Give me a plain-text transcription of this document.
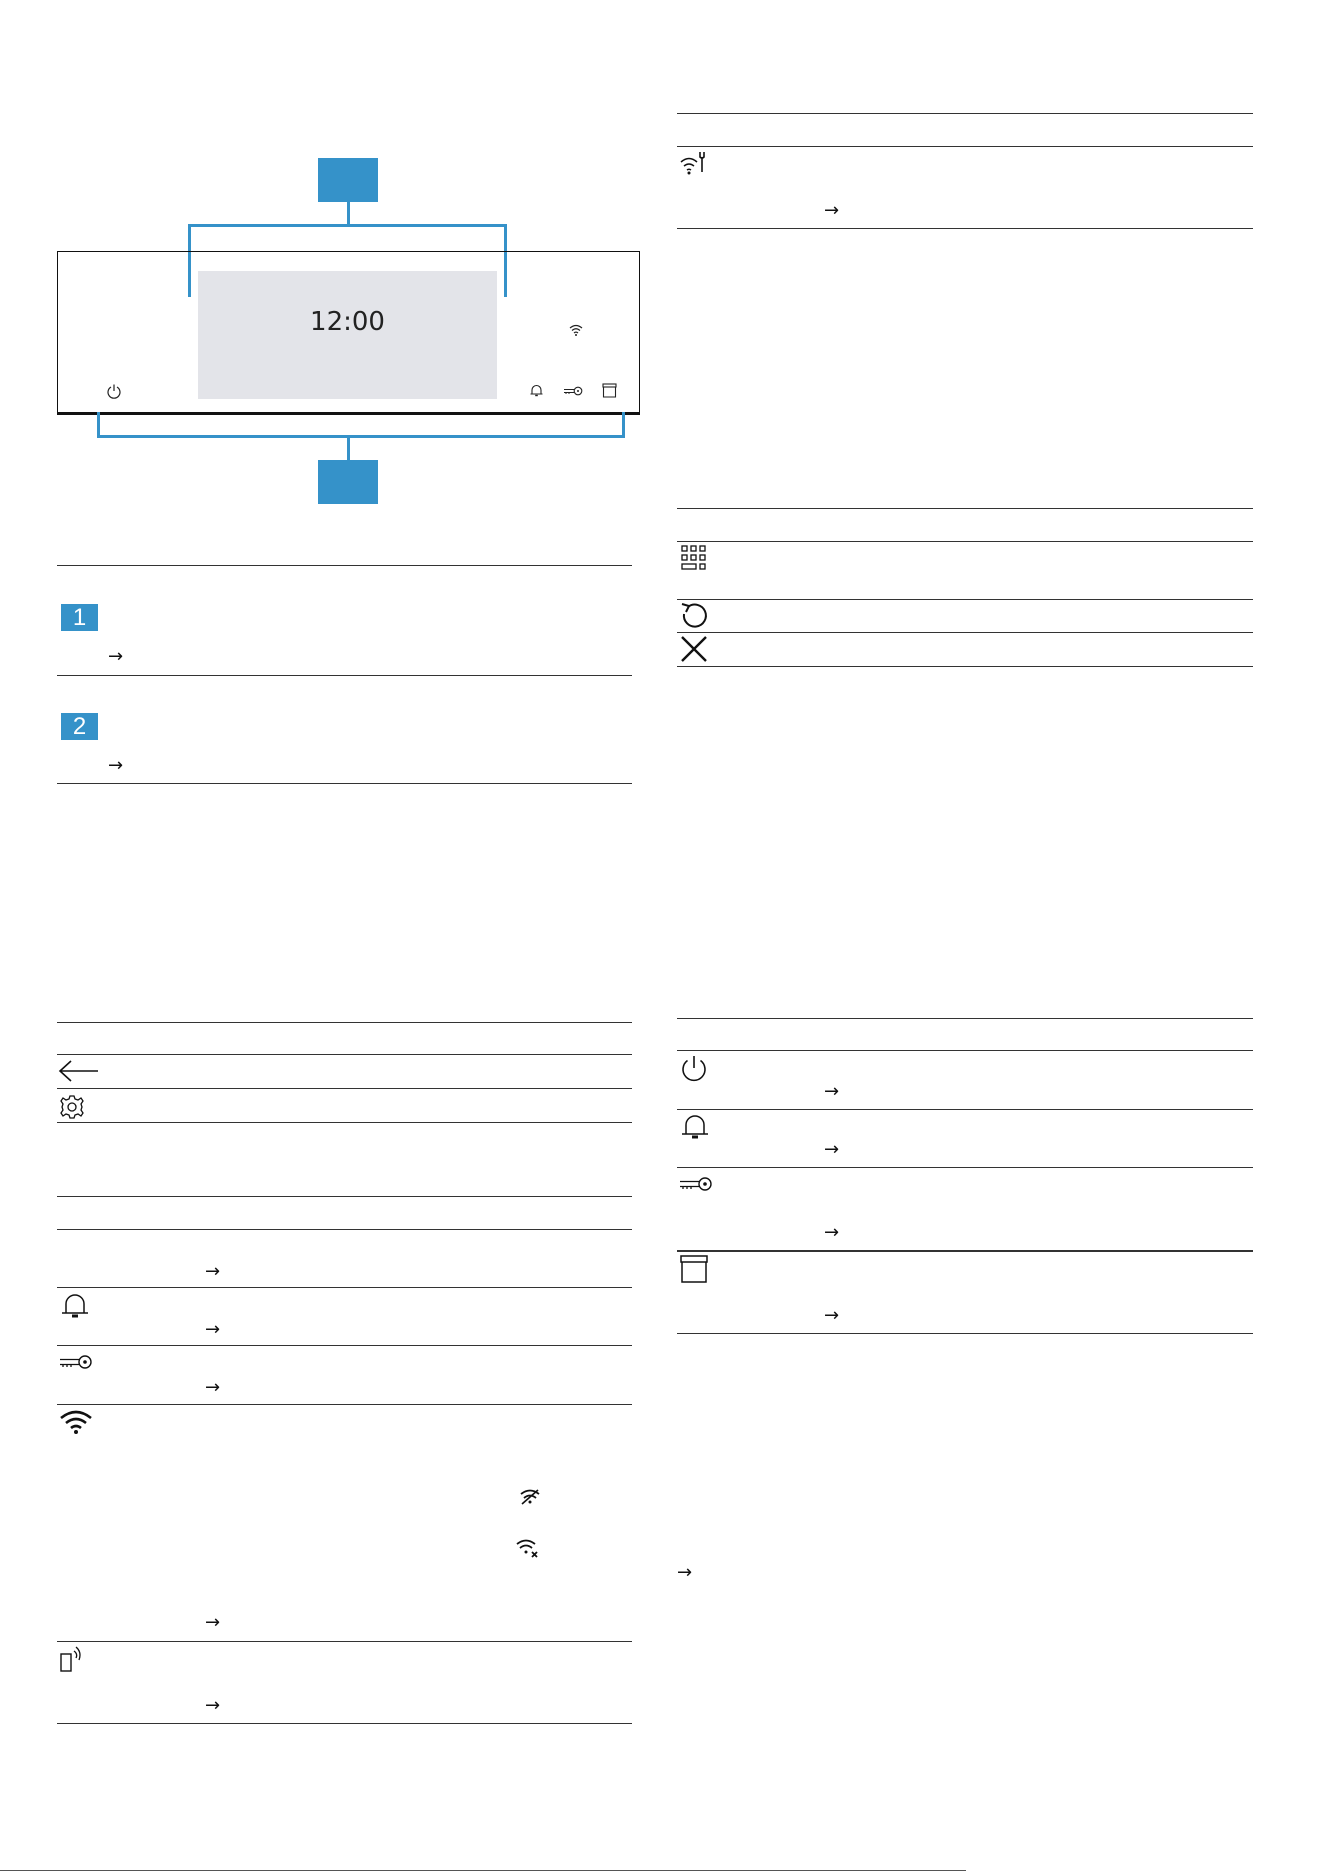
12:00
1
→
2
→
→
→
→
→
→
→
→
→
→
→
→
